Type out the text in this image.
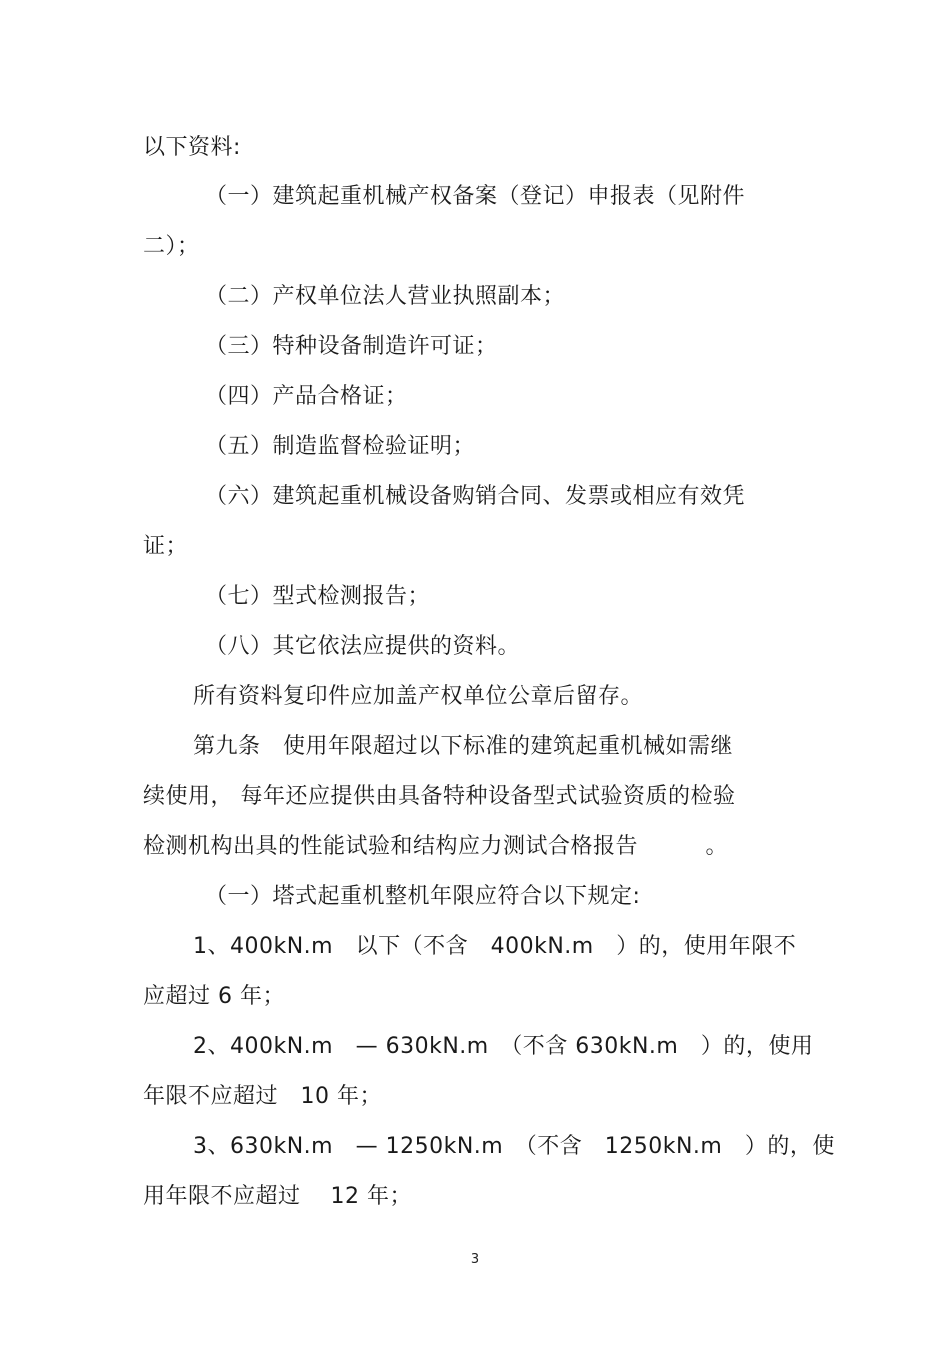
以下资料:
（一）建筑起重机械产权备案（登记）申报表（见附件
二）；
（二）产权单位法人营业执照副本；
（三）特种设备制造许可证；
（四）产品合格证；
（五）制造监督检验证明；
（六）建筑起重机械设备购销合同、发票或相应有效凭
证；
（七）型式检测报告；
（八）其它依法应提供的资料。
所有资料复印件应加盖产权单位公章后留存。
第九条　使用年限超过以下标准的建筑起重机械如需继
续使用， 每年还应提供由具备特种设备型式试验资质的检验
检测机构出具的性能试验和结构应力测试合格报告　　　。
（一）塔式起重机整机年限应符合以下规定:
1、400kN.m　以下（不含　400kN.m　）的，使用年限不
应超过 6 年；
2、400kN.m　— 630kN.m　（不含 630kN.m　）的，使用
年限不应超过　10 年；
3、630kN.m　— 1250kN.m　（不含　1250kN.m　）的，使
用年限不应超过　 12 年；
3
